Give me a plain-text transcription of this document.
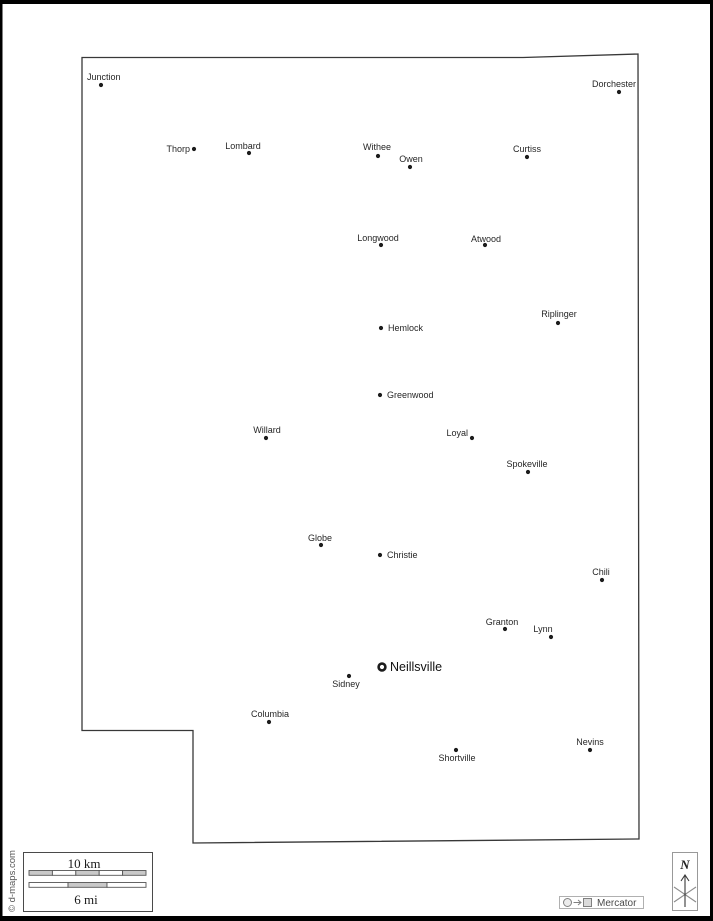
Junction
Thorp	Lombard	Withee
Owen
Curtiss
Dorchester
Longwood	Atwood
Riplinger
Hemlock
Greenwood
Willard	Loyal
Spokeville
Globe
Christie
Chili
Granton
Lynn
Sidney
Columbia
Shortville
Nevins
Neillsville
10 km
6 mi
N
Mercator
© d-maps.com
